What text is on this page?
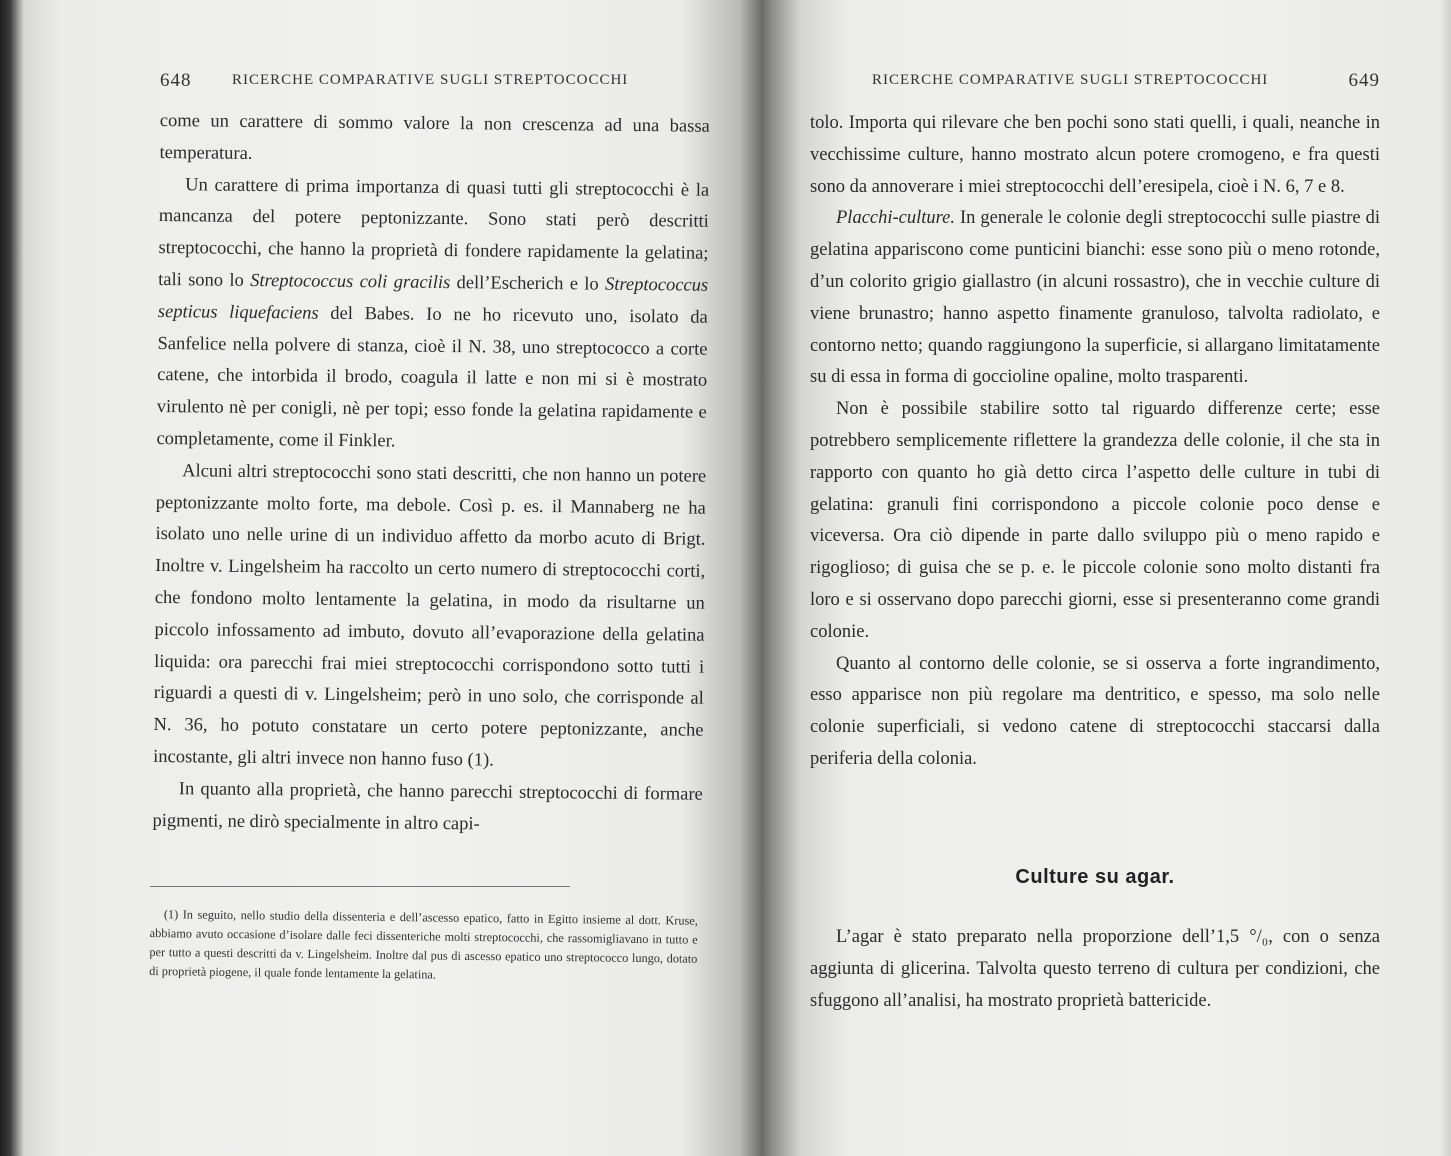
648	RICERCHE COMPARATIVE SUGLI STREPTOCOCCHI

come un carattere di sommo valore la non crescenza ad una bassa temperatura.

Un carattere di prima importanza di quasi tutti gli streptococchi è la mancanza del potere peptonizzante. Sono stati però descritti streptococchi, che hanno la proprietà di fondere rapidamente la gelatina; tali sono lo Streptococcus coli gracilis dell’Escherich e lo Streptococcus septicus liquefaciens del Babes. Io ne ho ricevuto uno, isolato da Sanfelice nella polvere di stanza, cioè il N. 38, uno streptococco a corte catene, che intorbida il brodo, coagula il latte e non mi si è mostrato virulento nè per conigli, nè per topi; esso fonde la gelatina rapidamente e completamente, come il Finkler.

Alcuni altri streptococchi sono stati descritti, che non hanno un potere peptonizzante molto forte, ma debole. Così p. es. il Mannaberg ne ha isolato uno nelle urine di un individuo affetto da morbo acuto di Brigt. Inoltre v. Lingelsheim ha raccolto un certo numero di streptococchi corti, che fondono molto lentamente la gelatina, in modo da risultarne un piccolo infossamento ad imbuto, dovuto all’evaporazione della gelatina liquida: ora parecchi frai miei streptococchi corrispondono sotto tutti i riguardi a questi di v. Lingelsheim; però in uno solo, che corrisponde al N. 36, ho potuto constatare un certo potere peptonizzante, anche incostante, gli altri invece non hanno fuso (1).

In quanto alla proprietà, che hanno parecchi streptococchi di formare pigmenti, ne dirò specialmente in altro capi-

(1) In seguito, nello studio della dissenteria e dell’ascesso epatico, fatto in Egitto insieme al dott. Kruse, abbiamo avuto occasione d’isolare dalle feci dissenteriche molti streptococchi, che rassomigliavano in tutto e per tutto a questi descritti da v. Lingelsheim. Inoltre dal pus di ascesso epatico uno streptococco lungo, dotato di proprietà piogene, il quale fonde lentamente la gelatina.

RICERCHE COMPARATIVE SUGLI STREPTOCOCCHI	649

tolo. Importa qui rilevare che ben pochi sono stati quelli, i quali, neanche in vecchissime culture, hanno mostrato alcun potere cromogeno, e fra questi sono da annoverare i miei streptococchi dell’eresipela, cioè i N. 6, 7 e 8.

Placchi-culture. In generale le colonie degli streptococchi sulle piastre di gelatina appariscono come punticini bianchi: esse sono più o meno rotonde, d’un colorito grigio giallastro (in alcuni rossastro), che in vecchie culture di viene brunastro; hanno aspetto finamente granuloso, talvolta radiolato, e contorno netto; quando raggiungono la superficie, si allargano limitatamente su di essa in forma di goccioline opaline, molto trasparenti.

Non è possibile stabilire sotto tal riguardo differenze certe; esse potrebbero semplicemente riflettere la grandezza delle colonie, il che sta in rapporto con quanto ho già detto circa l’aspetto delle culture in tubi di gelatina: granuli fini corrispondono a piccole colonie poco dense e viceversa. Ora ciò dipende in parte dallo sviluppo più o meno rapido e rigoglioso; di guisa che se p. e. le piccole colonie sono molto distanti fra loro e si osservano dopo parecchi giorni, esse si presenteranno come grandi colonie.

Quanto al contorno delle colonie, se si osserva a forte ingrandimento, esso apparisce non più regolare ma dentritico, e spesso, ma solo nelle colonie superficiali, si vedono catene di streptococchi staccarsi dalla periferia della colonia.

Culture su agar.

L’agar è stato preparato nella proporzione dell’1,5 °/₀, con o senza aggiunta di glicerina. Talvolta questo terreno di cultura per condizioni, che sfuggono all’analisi, ha mostrato proprietà battericide.
